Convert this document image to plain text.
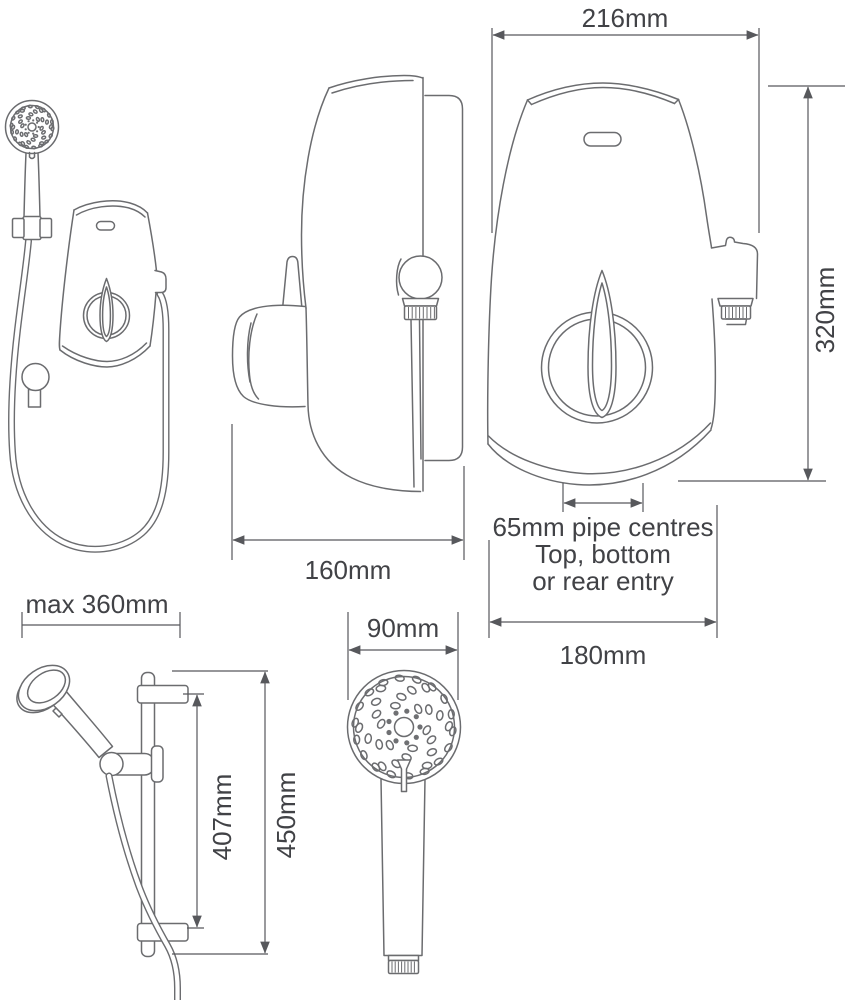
216mm
320mm
160mm
65mm pipe centres
Top, bottom
or rear entry
180mm
max 360mm
90mm
407mm 450mm
